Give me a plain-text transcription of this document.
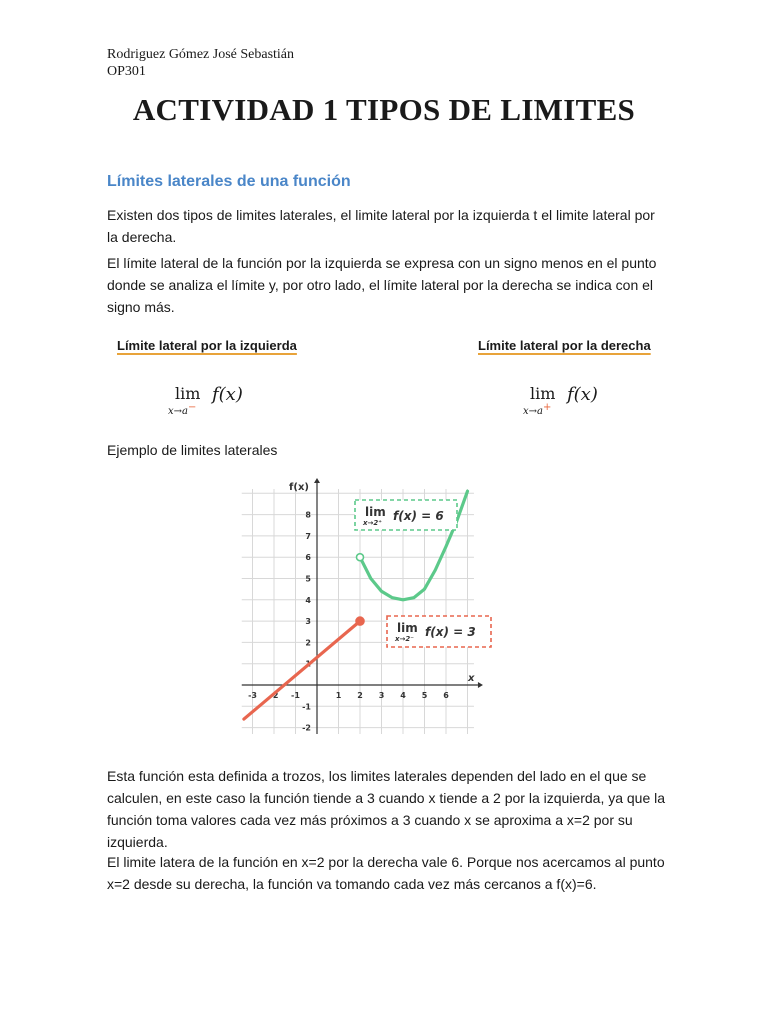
Rodriguez Gómez José Sebastián
OP301
ACTIVIDAD 1 TIPOS DE LIMITES
Límites laterales de una función
Existen dos tipos de limites laterales, el limite lateral por la izquierda t el limite lateral por la derecha.
El límite lateral de la función por la izquierda se expresa con un signo menos en el punto donde se analiza el límite y, por otro lado, el límite lateral por la derecha se indica con el signo más.
Límite lateral por la izquierda	Límite lateral por la derecha
lim
x→a−
f(x)	lim
x→a+
f(x)
Ejemplo de limites laterales
-3 -2 -1	1 2 3 4 5 6
-2
-1
1
2
3
4
5
6
7
8
x
f(x)
lim
x→2⁺ f(x) = 6
lim
x→2⁻ f(x) = 3
Esta función esta definida a trozos, los limites laterales dependen del lado en el que se calculen, en este caso la función tiende a 3 cuando x tiende a 2 por la izquierda, ya que la función toma valores cada vez más próximos a 3 cuando x se aproxima a x=2 por su izquierda.
El limite latera de la función en x=2 por la derecha vale 6. Porque nos acercamos al punto x=2 desde su derecha, la función va tomando cada vez más cercanos a f(x)=6.
